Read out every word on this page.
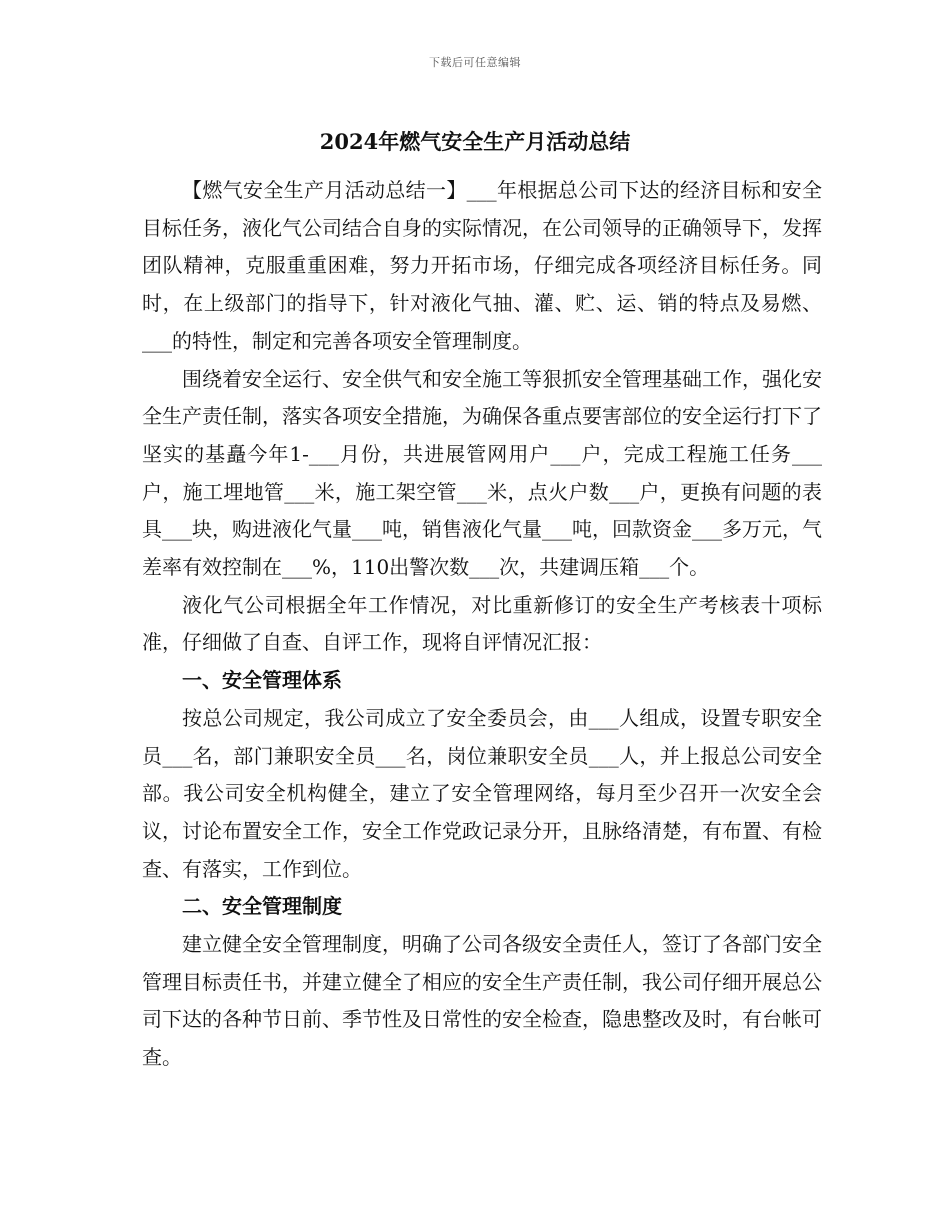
下载后可任意编辑
2024年燃气安全生产月活动总结

【燃气安全生产月活动总结一】___年根据总公司下达的经济目标和安全目标任务，液化气公司结合自身的实际情况，在公司领导的正确领导下，发挥团队精神，克服重重困难，努力开拓市场，仔细完成各项经济目标任务。同时，在上级部门的指导下，针对液化气抽、灌、贮、运、销的特点及易燃、___的特性，制定和完善各项安全管理制度。

围绕着安全运行、安全供气和安全施工等狠抓安全管理基础工作，强化安全生产责任制，落实各项安全措施，为确保各重点要害部位的安全运行打下了坚实的基矗今年1-___月份，共进展管网用户___户，完成工程施工任务___户，施工埋地管___米，施工架空管___米，点火户数___户，更换有问题的表具___块，购进液化气量___吨，销售液化气量___吨，回款资金___多万元，气差率有效控制在___%，110出警次数___次，共建调压箱___个。

液化气公司根据全年工作情况，对比重新修订的安全生产考核表十项标准，仔细做了自查、自评工作，现将自评情况汇报：

一、安全管理体系

按总公司规定，我公司成立了安全委员会，由___人组成，设置专职安全员___名，部门兼职安全员___名，岗位兼职安全员___人，并上报总公司安全部。我公司安全机构健全，建立了安全管理网络，每月至少召开一次安全会议，讨论布置安全工作，安全工作党政记录分开，且脉络清楚，有布置、有检查、有落实，工作到位。

二、安全管理制度

建立健全安全管理制度，明确了公司各级安全责任人，签订了各部门安全管理目标责任书，并建立健全了相应的安全生产责任制，我公司仔细开展总公司下达的各种节日前、季节性及日常性的安全检查，隐患整改及时，有台帐可查。
